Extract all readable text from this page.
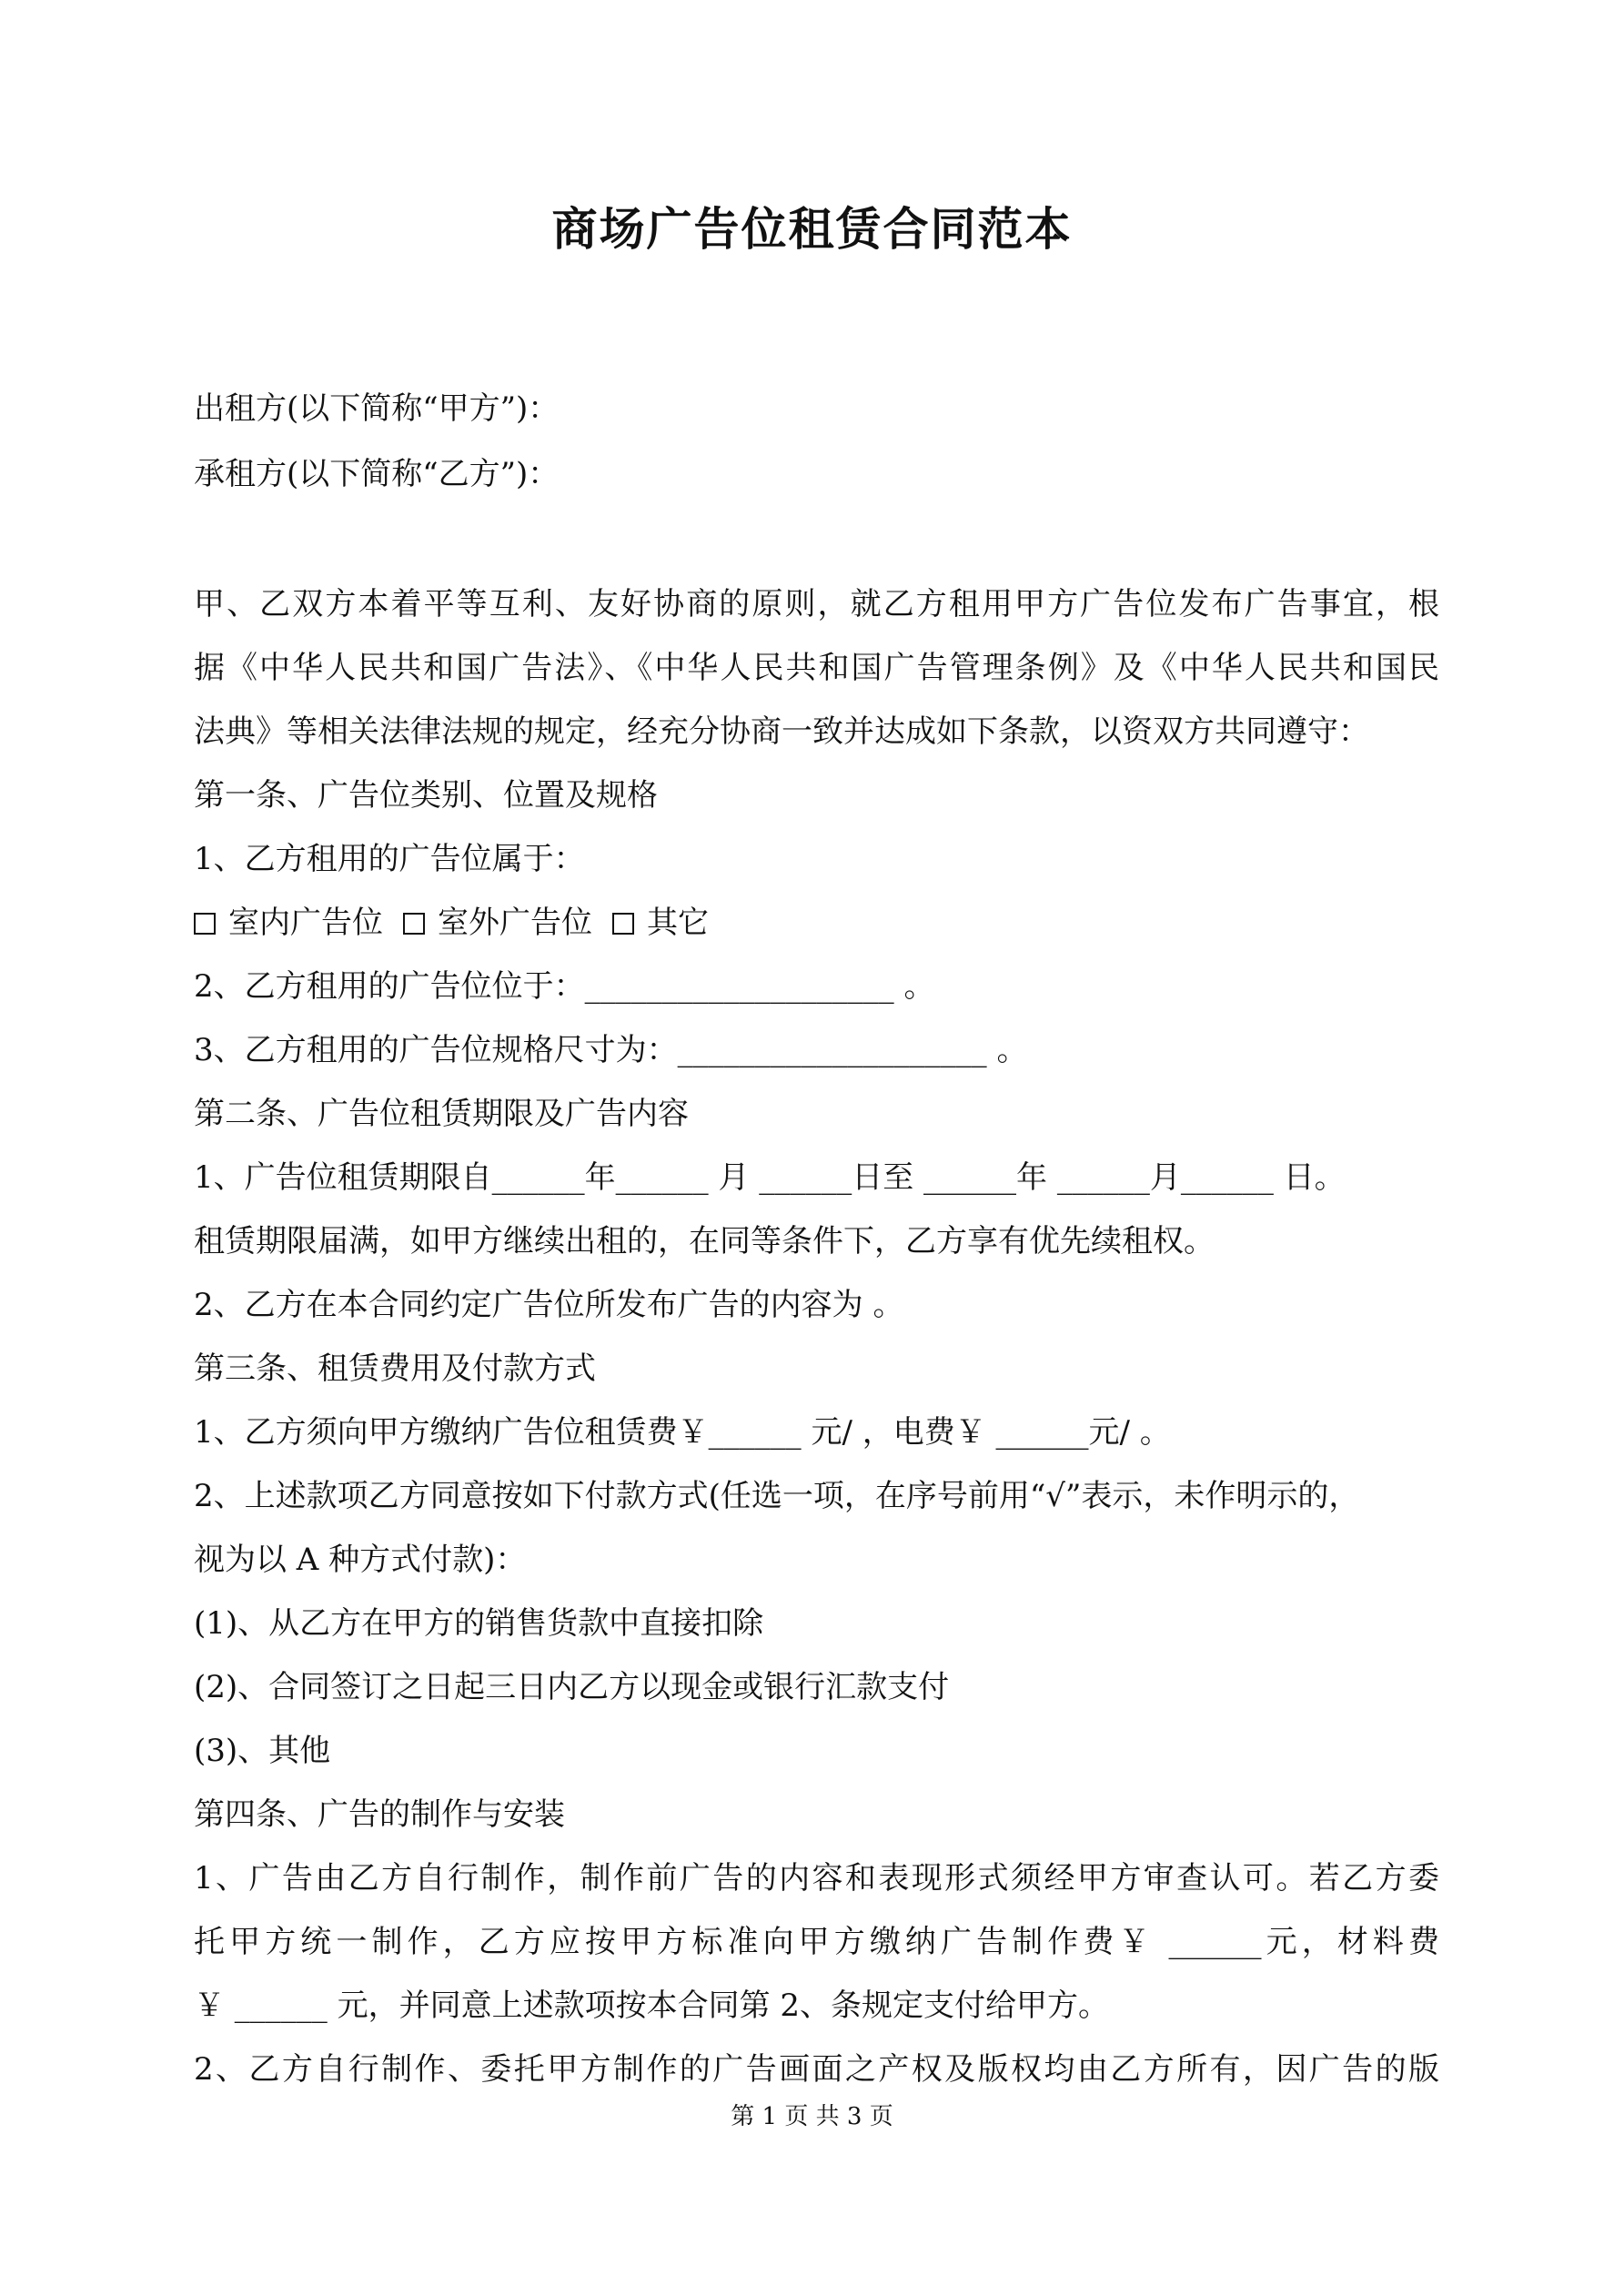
商场广告位租赁合同范本

出租方(以下简称“甲方”)：

承租方(以下简称“乙方”)：

甲、乙双方本着平等互利、友好协商的原则，就乙方租用甲方广告位发布广告事宜，根

据《中华人民共和国广告法》、《中华人民共和国广告管理条例》及《中华人民共和国民

法典》等相关法律法规的规定，经充分协商一致并达成如下条款，以资双方共同遵守：

第一条、广告位类别、位置及规格

1、乙方租用的广告位属于：

室内广告位 室外广告位 其它

2、乙方租用的广告位位于：____________________ 。

3、乙方租用的广告位规格尺寸为：____________________ 。

第二条、广告位租赁期限及广告内容

1、广告位租赁期限自______年______ 月 ______日至 ______年 ______月______ 日。

租赁期限届满，如甲方继续出租的，在同等条件下，乙方享有优先续租权。

2、乙方在本合同约定广告位所发布广告的内容为 。

第三条、租赁费用及付款方式

1、乙方须向甲方缴纳广告位租赁费￥______ 元/ ，电费￥ ______元/ 。

2、上述款项乙方同意按如下付款方式(任选一项，在序号前用“√”表示，未作明示的，

视为以 A 种方式付款)：

(1)、从乙方在甲方的销售货款中直接扣除

(2)、合同签订之日起三日内乙方以现金或银行汇款支付

(3)、其他

第四条、广告的制作与安装

1、广告由乙方自行制作，制作前广告的内容和表现形式须经甲方审查认可。若乙方委

托甲方统一制作，乙方应按甲方标准向甲方缴纳广告制作费￥ ______元，材料费

￥ ______ 元，并同意上述款项按本合同第 2、条规定支付给甲方。

2、乙方自行制作、委托甲方制作的广告画面之产权及版权均由乙方所有，因广告的版

第 1 页 共 3 页
